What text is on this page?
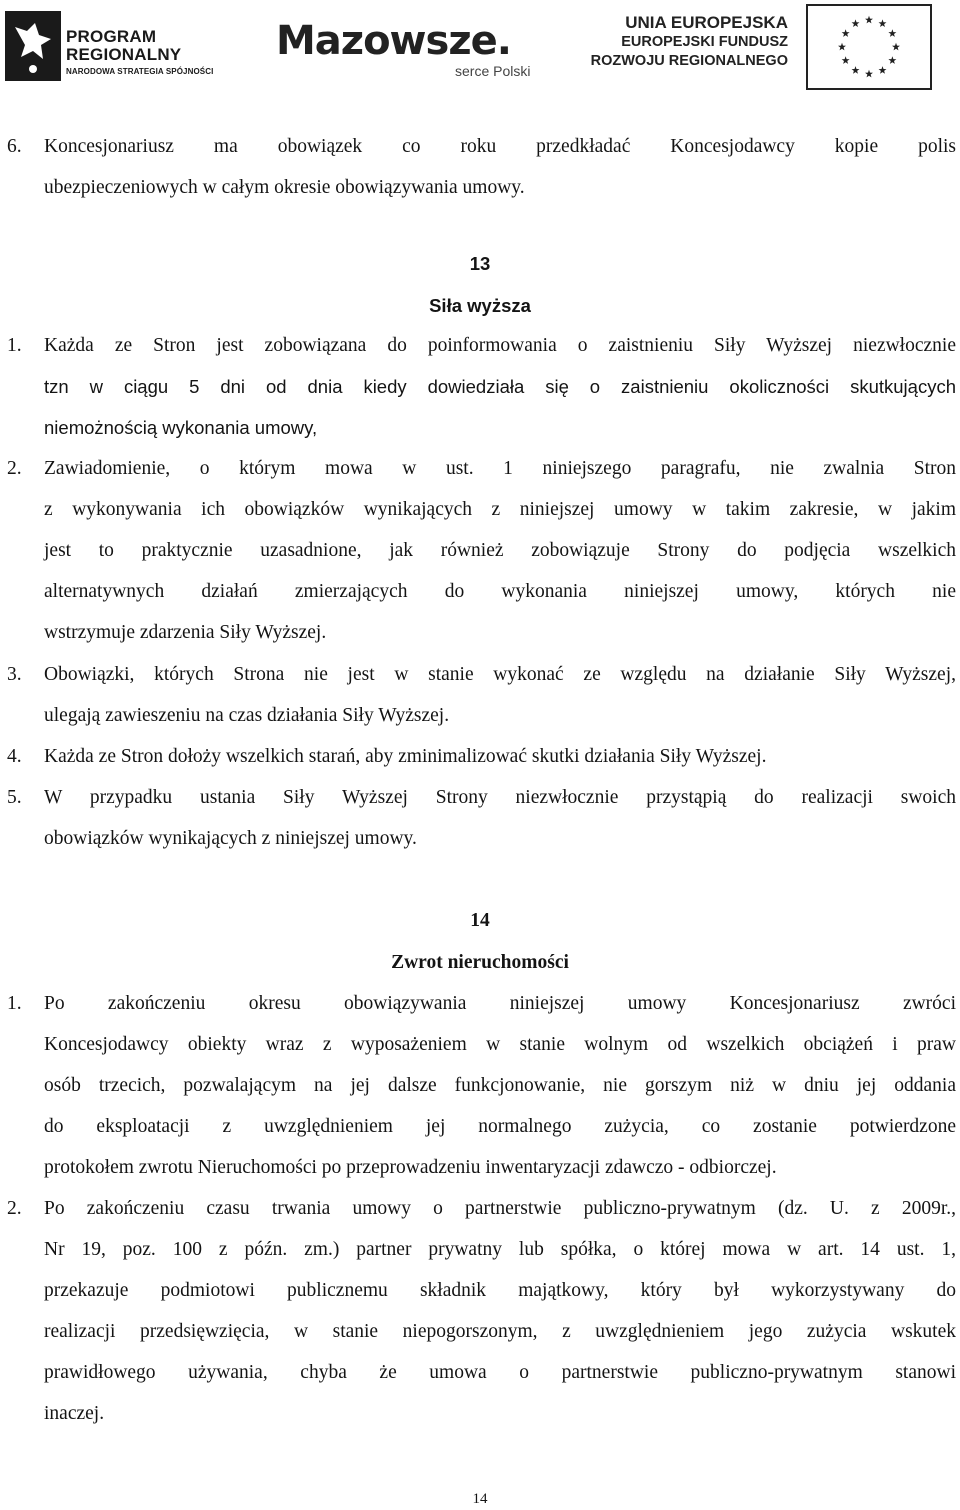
PROGRAM
REGIONALNY
NARODOWA STRATEGIA SPÓJNOŚCI
Mazowsze.
serce Polski
UNIA EUROPEJSKA
EUROPEJSKI FUNDUSZ
ROZWOJU REGIONALNEGO
6.	Koncesjonariusz ma obowiązek co roku przedkładać Koncesjodawcy kopie polis
ubezpieczeniowych w całym okresie obowiązywania umowy.
13
Siła wyższa
1.	Każda ze Stron jest zobowiązana do poinformowania o zaistnieniu Siły Wyższej niezwłocznie
tzn w ciągu 5 dni od dnia kiedy dowiedziała się o zaistnieniu okoliczności skutkujących
niemożnością wykonania umowy,
2.	Zawiadomienie, o którym mowa w ust. 1 niniejszego paragrafu, nie zwalnia Stron
z wykonywania ich obowiązków wynikających z niniejszej umowy w takim zakresie, w jakim
jest to praktycznie uzasadnione, jak również zobowiązuje Strony do podjęcia wszelkich
alternatywnych działań zmierzających do wykonania niniejszej umowy, których nie
wstrzymuje zdarzenia Siły Wyższej.
3.	Obowiązki, których Strona nie jest w stanie wykonać ze względu na działanie Siły Wyższej,
ulegają zawieszeniu na czas działania Siły Wyższej.
4.	Każda ze Stron dołoży wszelkich starań, aby zminimalizować skutki działania Siły Wyższej.
5.	W przypadku ustania Siły Wyższej Strony niezwłocznie przystąpią do realizacji swoich
obowiązków wynikających z niniejszej umowy.
14
Zwrot nieruchomości
1.	Po zakończeniu okresu obowiązywania niniejszej umowy Koncesjonariusz zwróci
Koncesjodawcy obiekty wraz z wyposażeniem w stanie wolnym od wszelkich obciążeń i praw
osób trzecich, pozwalającym na jej dalsze funkcjonowanie, nie gorszym niż w dniu jej oddania
do eksploatacji z uwzględnieniem jej normalnego zużycia, co zostanie potwierdzone
protokołem zwrotu Nieruchomości po przeprowadzeniu inwentaryzacji zdawczo - odbiorczej.
2.	Po zakończeniu czasu trwania umowy o partnerstwie publiczno-prywatnym (dz. U. z 2009r.,
Nr 19, poz. 100 z późn. zm.) partner prywatny lub spółka, o której mowa w art. 14 ust. 1,
przekazuje podmiotowi publicznemu składnik majątkowy, który był wykorzystywany do
realizacji przedsięwzięcia, w stanie niepogorszonym, z uwzględnieniem jego zużycia wskutek
prawidłowego używania, chyba że umowa o partnerstwie publiczno-prywatnym stanowi
inaczej.
14
